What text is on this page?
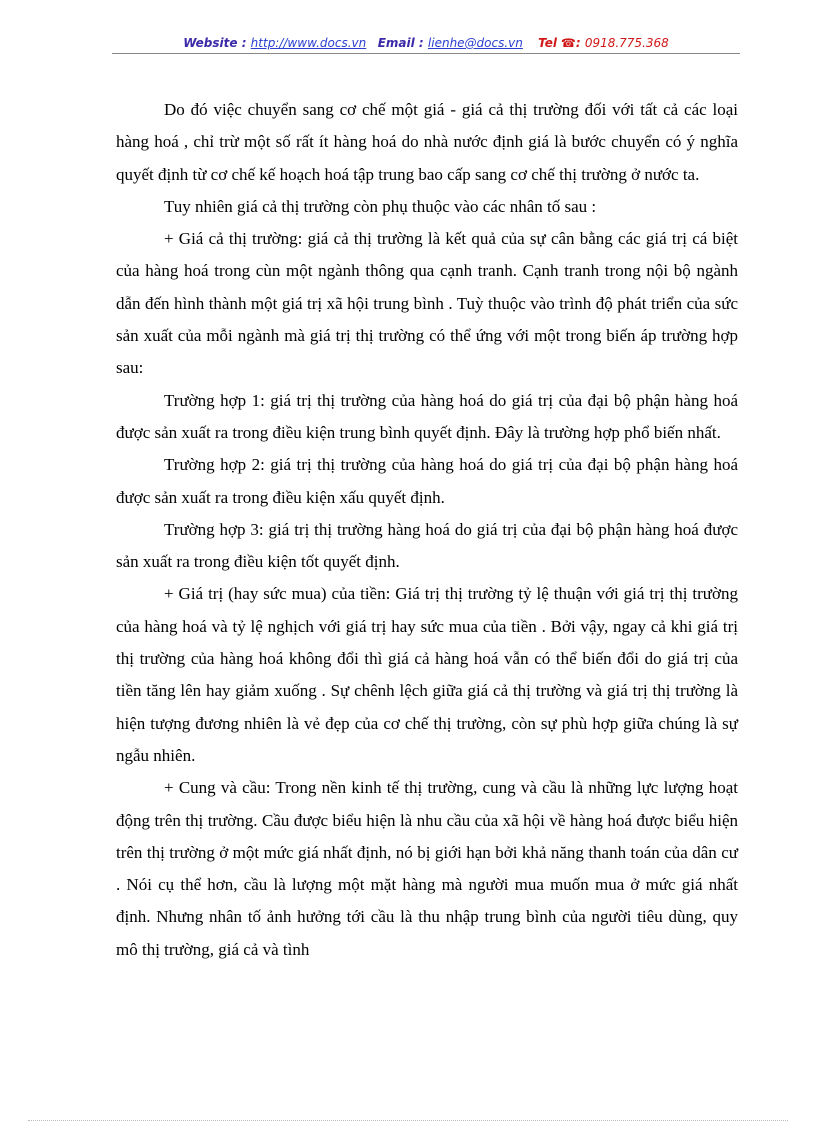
Website : http://www.docs.vn Email : lienhe@docs.vn Tel ☎: 0918.775.368

Do đó việc chuyển sang cơ chế một giá - giá cả thị trường đối với tất cả các loại hàng hoá , chỉ trừ một số rất ít hàng hoá do nhà nước định giá là bước chuyển có ý nghĩa quyết định từ cơ chế kế hoạch hoá tập trung bao cấp sang cơ chế thị trường ở nước ta.

Tuy nhiên giá cả thị trường còn phụ thuộc vào các nhân tố sau :

+ Giá cả thị trường: giá cả thị trường là kết quả của sự cân bằng các giá trị cá biệt của hàng hoá trong cùn một ngành thông qua cạnh tranh. Cạnh tranh trong nội bộ ngành dẫn đến hình thành một giá trị xã hội trung bình . Tuỳ thuộc vào trình độ phát triển của sức sản xuất của mỗi ngành mà giá trị thị trường có thể ứng với một trong biến áp trường hợp sau:

Trường hợp 1: giá trị thị trường của hàng hoá do giá trị của đại bộ phận hàng hoá được sản xuất ra trong điều kiện trung bình quyết định. Đây là trường hợp phổ biến nhất.

Trường hợp 2: giá trị thị trường của hàng hoá do giá trị của đại bộ phận hàng hoá được sản xuất ra trong điều kiện xấu quyết định.

Trường hợp 3: giá trị thị trường hàng hoá do giá trị của đại bộ phận hàng hoá được sản xuất ra trong điều kiện tốt quyết định.

+ Giá trị (hay sức mua) của tiền: Giá trị thị trường tỷ lệ thuận với giá trị thị trường của hàng hoá và tỷ lệ nghịch với giá trị hay sức mua của tiền . Bởi vậy, ngay cả khi giá trị thị trường của hàng hoá không đổi thì giá cả hàng hoá vẫn có thể biến đổi do giá trị của tiền tăng lên hay giảm xuống . Sự chênh lệch giữa giá cả thị trường và giá trị thị trường là hiện tượng đương nhiên là vẻ đẹp của cơ chế thị trường, còn sự phù hợp giữa chúng là sự ngẫu nhiên.

+ Cung và cầu: Trong nền kinh tế thị trường, cung và cầu là những lực lượng hoạt động trên thị trường. Cầu được biểu hiện là nhu cầu của xã hội về hàng hoá được biểu hiện trên thị trường ở một mức giá nhất định, nó bị giới hạn bởi khả năng thanh toán của dân cư . Nói cụ thể hơn, cầu là lượng một mặt hàng mà người mua muốn mua ở mức giá nhất định. Nhưng nhân tố ảnh hưởng tới cầu là thu nhập trung bình của người tiêu dùng, quy mô thị trường, giá cả và tình
